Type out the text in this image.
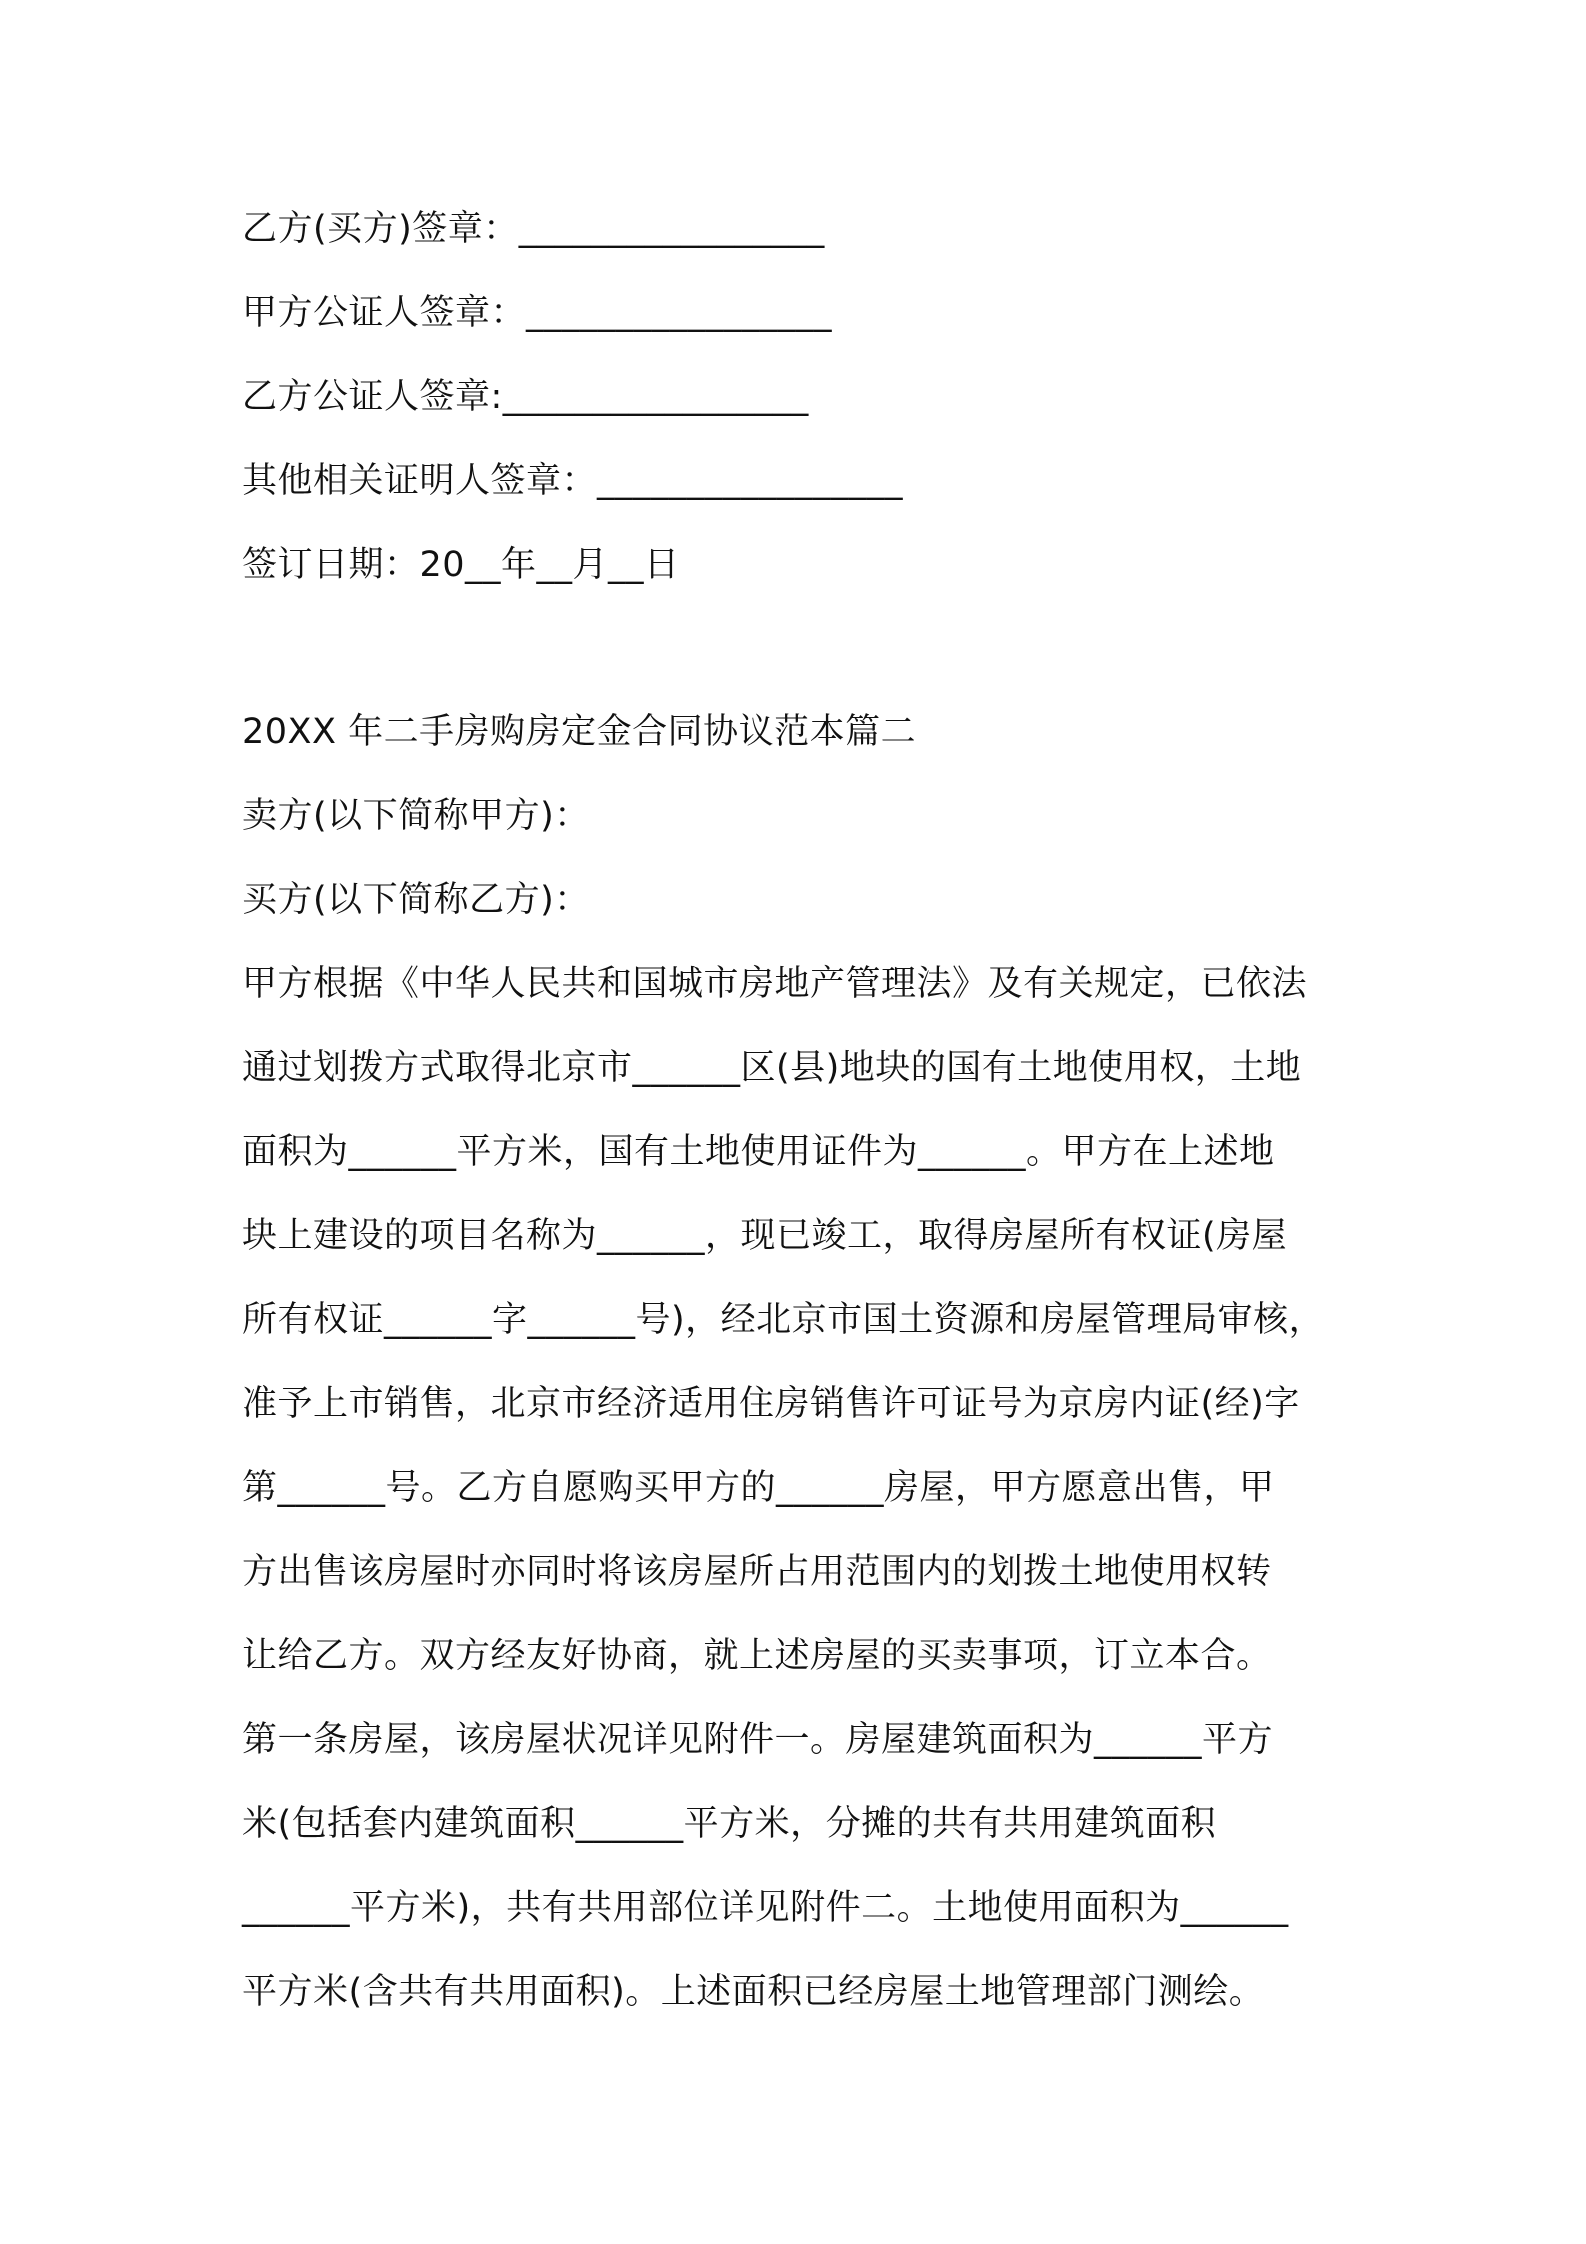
乙方(买方)签章：_________________
甲方公证人签章：_________________
乙方公证人签章:_________________
其他相关证明人签章：_________________
签订日期：20__年__月__日
20XX 年二手房购房定金合同协议范本篇二
卖方(以下简称甲方)：
买方(以下简称乙方)：
甲方根据《中华人民共和国城市房地产管理法》及有关规定，已依法
通过划拨方式取得北京市______区(县)地块的国有土地使用权，土地
面积为______平方米，国有土地使用证件为______。甲方在上述地
块上建设的项目名称为______，现已竣工，取得房屋所有权证(房屋
所有权证______字______号)，经北京市国土资源和房屋管理局审核，
准予上市销售，北京市经济适用住房销售许可证号为京房内证(经)字
第______号。乙方自愿购买甲方的______房屋，甲方愿意出售，甲
方出售该房屋时亦同时将该房屋所占用范围内的划拨土地使用权转
让给乙方。双方经友好协商，就上述房屋的买卖事项，订立本合。
第一条房屋，该房屋状况详见附件一。房屋建筑面积为______平方
米(包括套内建筑面积______平方米，分摊的共有共用建筑面积
______平方米)，共有共用部位详见附件二。土地使用面积为______
平方米(含共有共用面积)。上述面积已经房屋土地管理部门测绘。
